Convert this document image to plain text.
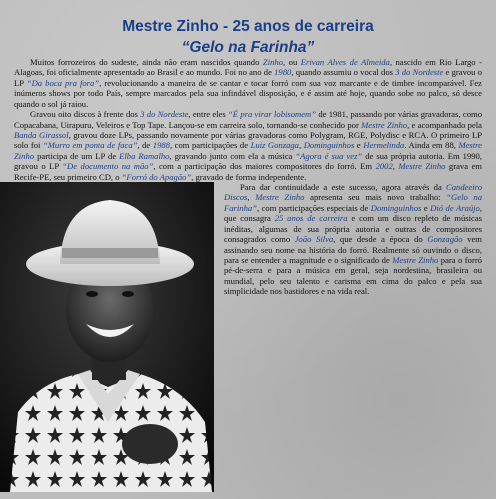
Mestre Zinho - 25 anos de carreira
“Gelo na Farinha”

Muitos forrozeiros do sudeste, ainda não eram nascidos quando Zinho, ou Erivan Alves de Almeida, nascido em Rio Largo - Alagoas, foi oficialmente apresentado ao Brasil e ao mundo. Foi no ano de 1980, quando assumiu o vocal dos 3 do Nordeste e gravou o LP “Da boca pra fora”, revolucionando a maneira de se cantar e tocar forró com sua voz marcante e de timbre incomparável. Fez inúmeros shows por todo País, sempre marcados pela sua infindável disposição, e é assim até hoje, quando sobe no palco, só desce quando o sol já raiou.

Gravou oito discos à frente dos 3 do Nordeste, entre eles “É pra virar lobisomem” de 1981, passando por várias gravadoras, como Copacabana, Uirapuru, Veleiros e Top Tape. Lançou-se em carreira solo, tornando-se conhecido por Mestre Zinho, e acompanhado pela Banda Girassol, gravou doze LPs, passando novamente por várias gravadoras como Polygram, RGE, Polydisc e RCA. O primeiro LP solo foi “Murro em ponta de faca”, de 1988, com participações de Luiz Gonzaga, Dominguinhos e Hermelinda. Ainda em 88, Mestre Zinho participa de um LP de Elba Ramalho, gravando junto com ela a música “Agora é sua vez” de sua própria autoria. Em 1990, gravou o LP “De documento na mão”, com a participação dos maiores compositores do forró. Em 2002, Mestre Zinho grava em Recife-PE, seu primeiro CD, o “Forró do Apagão”, gravado de forma independente.

Para dar continuidade a este sucesso, agora através da Candeeiro Discos, Mestre Zinho apresenta seu mais novo trabalho: “Gelo na Farinha”, com participações especiais de Dominguinhos e Dió de Araújo, que consagra 25 anos de carreira e com um disco repleto de músicas inéditas, algumas de sua própria autoria e outras de compositores consagrados como João Silva, que desde a época do Gonzagão vem assinando seu nome na história do forró. Realmente só ouvindo o disco, para se entender a magnitude e o significado de Mestre Zinho para o forró pé-de-serra e para a música em geral, seja nordestina, brasileira ou mundial, pelo seu talento e carisma em cima do palco e pela sua simplicidade nos bastidores e na vida real.
